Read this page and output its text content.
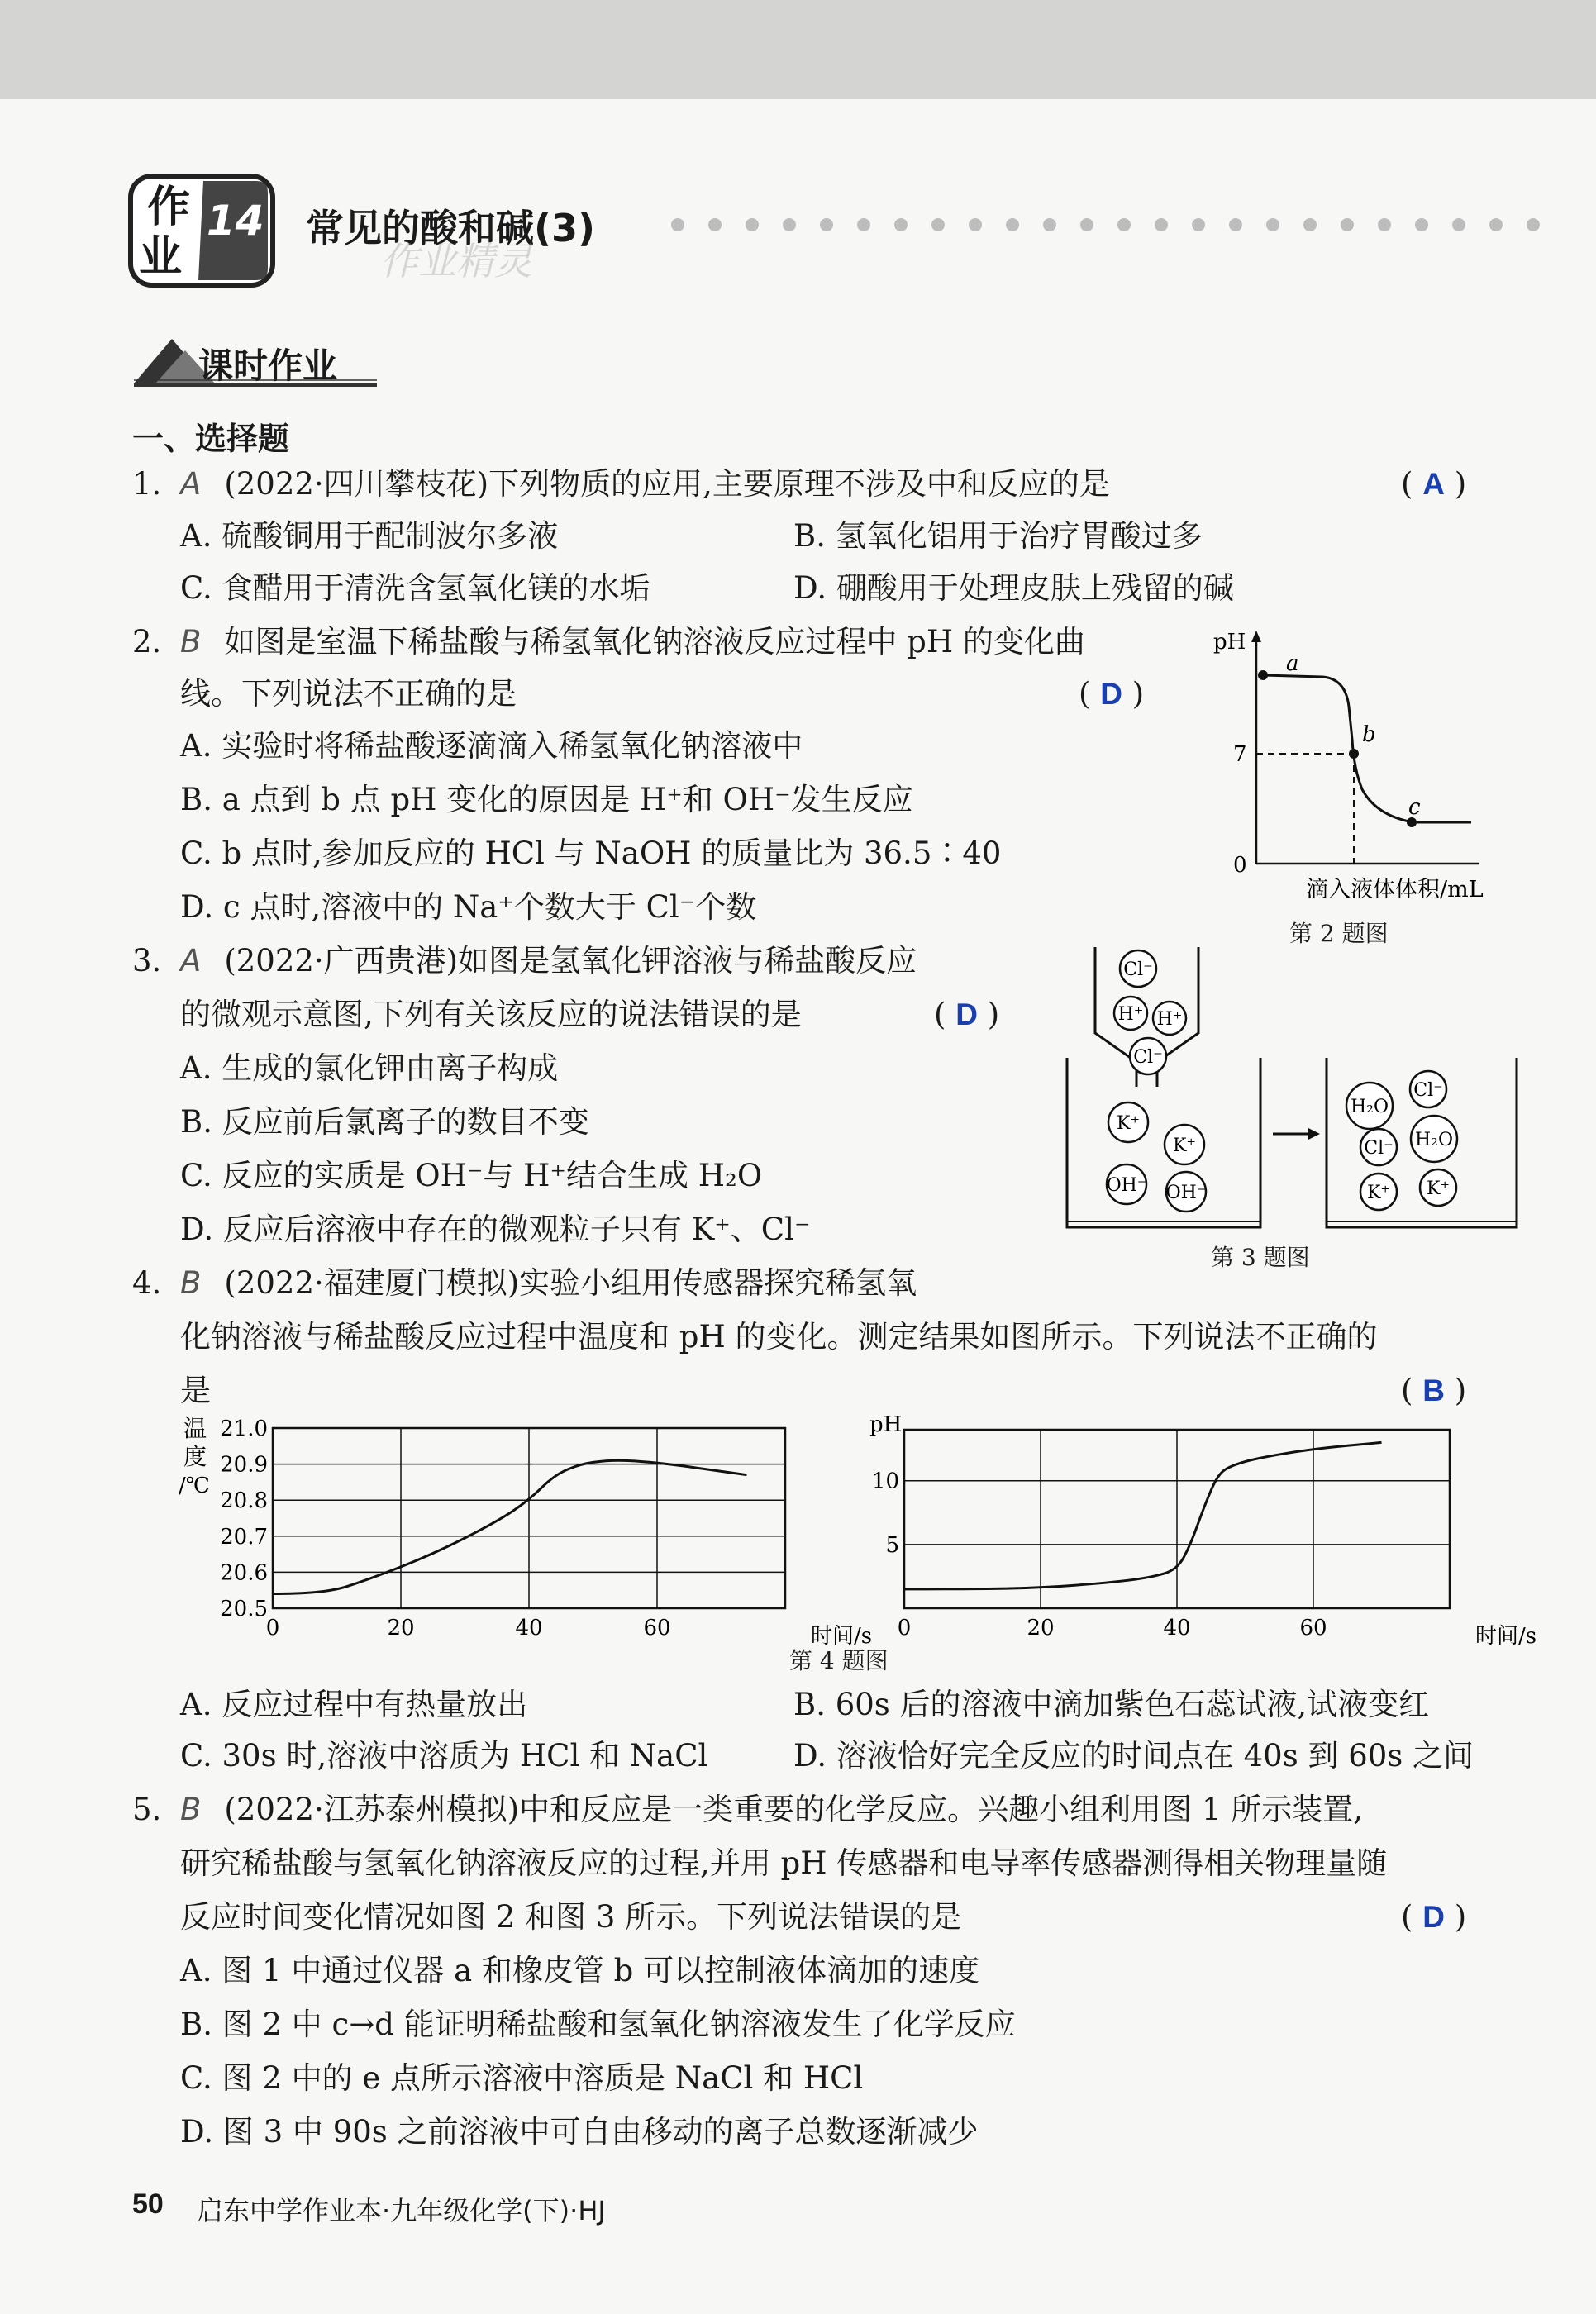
作
业
14 常见的酸和碱(3)
作业精灵
课时作业
一、选择题
1. A (2022·四川攀枝花)下列物质的应用,主要原理不涉及中和反应的是	( A )
A. 硫酸铜用于配制波尔多液	B. 氢氧化铝用于治疗胃酸过多
C. 食醋用于清洗含氢氧化镁的水垢	D. 硼酸用于处理皮肤上残留的碱
2. B 如图是室温下稀盐酸与稀氢氧化钠溶液反应过程中 pH 的变化曲
线。下列说法不正确的是	( D )
A. 实验时将稀盐酸逐滴滴入稀氢氧化钠溶液中
B. a 点到 b 点 pH 变化的原因是 H⁺和 OH⁻发生反应
C. b 点时,参加反应的 HCl 与 NaOH 的质量比为 36.5∶40
D. c 点时,溶液中的 Na⁺个数大于 Cl⁻个数
pH
7
0
a
b
c
滴入液体体积/mL
第 2 题图
3. A (2022·广西贵港)如图是氢氧化钾溶液与稀盐酸反应
的微观示意图,下列有关该反应的说法错误的是	( D )
A. 生成的氯化钾由离子构成
B. 反应前后氯离子的数目不变
C. 反应的实质是 OH⁻与 H⁺结合生成 H₂O
D. 反应后溶液中存在的微观粒子只有 K⁺、Cl⁻
Cl⁻
H⁺ H⁺
Cl⁻
K⁺
K⁺
OH⁻ OH⁻
H₂O
Cl⁻
H₂O
Cl⁻
K⁺ K⁺
第 3 题图
4. B (2022·福建厦门模拟)实验小组用传感器探究稀氢氧
化钠溶液与稀盐酸反应过程中温度和 pH 的变化。测定结果如图所示。下列说法不正确的
是	( B )
0	20	40	60
20.5
20.6
20.7
20.8
20.9
21.0
时间/s
温
度
/℃
0	20	40	60
5
10
时间/s
pH
第 4 题图
A. 反应过程中有热量放出	B. 60s 后的溶液中滴加紫色石蕊试液,试液变红
C. 30s 时,溶液中溶质为 HCl 和 NaCl	D. 溶液恰好完全反应的时间点在 40s 到 60s 之间
5. B (2022·江苏泰州模拟)中和反应是一类重要的化学反应。兴趣小组利用图 1 所示装置,
研究稀盐酸与氢氧化钠溶液反应的过程,并用 pH 传感器和电导率传感器测得相关物理量随
反应时间变化情况如图 2 和图 3 所示。下列说法错误的是	( D )
A. 图 1 中通过仪器 a 和橡皮管 b 可以控制液体滴加的速度
B. 图 2 中 c→d 能证明稀盐酸和氢氧化钠溶液发生了化学反应
C. 图 2 中的 e 点所示溶液中溶质是 NaCl 和 HCl
D. 图 3 中 90s 之前溶液中可自由移动的离子总数逐渐减少
50 启东中学作业本·九年级化学(下)·HJ
